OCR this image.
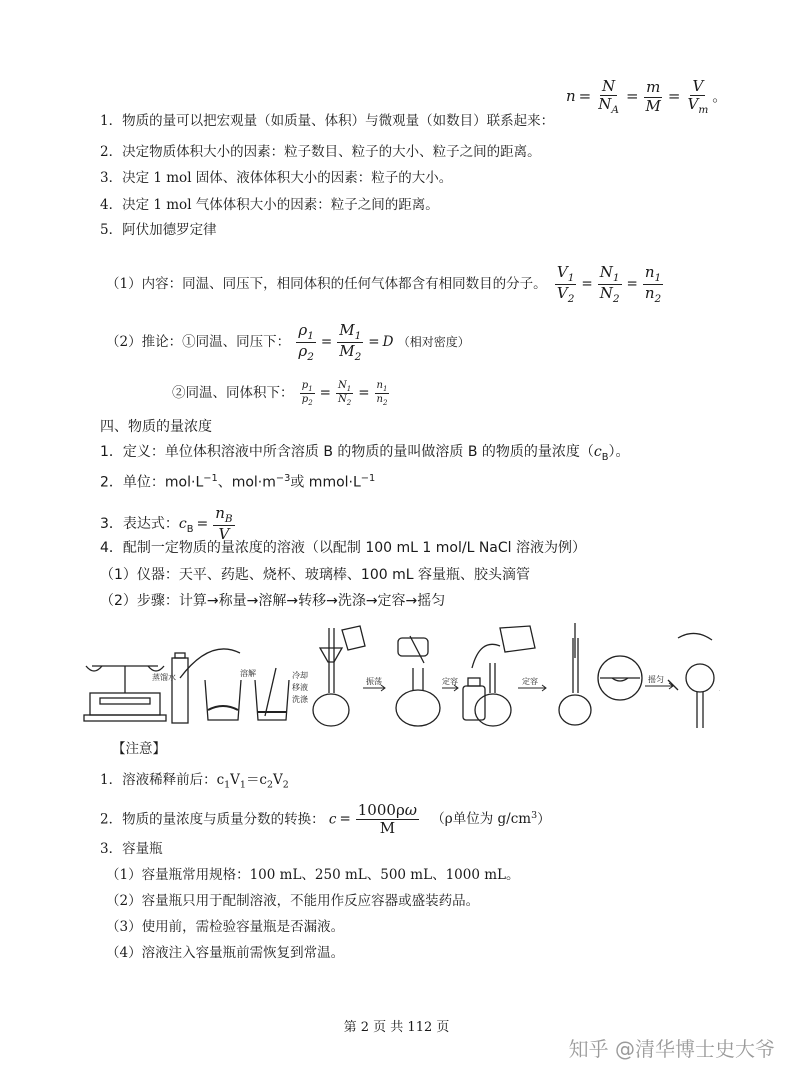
$n = \frac{N}{N_A} = \frac{m}{M} = \frac{V}{V_m}$ 。
1．物质的量可以把宏观量（如质量、体积）与微观量（如数目）联系起来：
2．决定物质体积大小的因素：粒子数目、粒子的大小、粒子之间的距离。
3．决定 1 mol 固体、液体体积大小的因素：粒子的大小。
4．决定 1 mol 气体体积大小的因素：粒子之间的距离。
5．阿伏加德罗定律
（1）内容：同温、同压下，相同体积的任何气体都含有相同数目的分子。 $\frac{V_1}{V_2} = \frac{N_1}{N_2} = \frac{n_1}{n_2}$
（2）推论：①同温、同压下： $\frac{\rho_1}{\rho_2} = \frac{M_1}{M_2} = D$ （相对密度）
②同温、同体积下： $\frac{p_1}{p_2} = \frac{N_1}{N_2} = \frac{n_1}{n_2}$
四、物质的量浓度
1．定义：单位体积溶液中所含溶质 B 的物质的量叫做溶质 B 的物质的量浓度$(c_B)$。
2．单位：$mol\cdot L^{-1}$、$mol\cdot m^{-3}$或 $mmol\cdot L^{-1}$
3．表达式：$c_B = \frac{n_B}{V}$
4．配制一定物质的量浓度的溶液（以配制 100 mL 1 mol/L NaCl 溶液为例）
（1）仪器：天平、药匙、烧杯、玻璃棒、100 mL 容量瓶、胶头滴管
（2）步骤：计算→称量→溶解→转移→洗涤→定容→摇匀
蒸馏水	溶解	冷却
移液
洗涤
振荡	定容	定容	摇匀
【注意】
1．溶液稀释前后：$c_1V_1=c_2V_2$
2．物质的量浓度与质量分数的转换： $c = \frac{1000\rho\omega}{M} (\rho$单位为 $g/cm^3$）
3．容量瓶
（1）容量瓶常用规格：100 mL、250 mL、500 mL、1000 mL。
（2）容量瓶只用于配制溶液，不能用作反应容器或盛装药品。
（3）使用前，需检验容量瓶是否漏液。
（4）溶液注入容量瓶前需恢复到常温。
第 2 页 共 112 页
知乎 @清华博士史大爷
